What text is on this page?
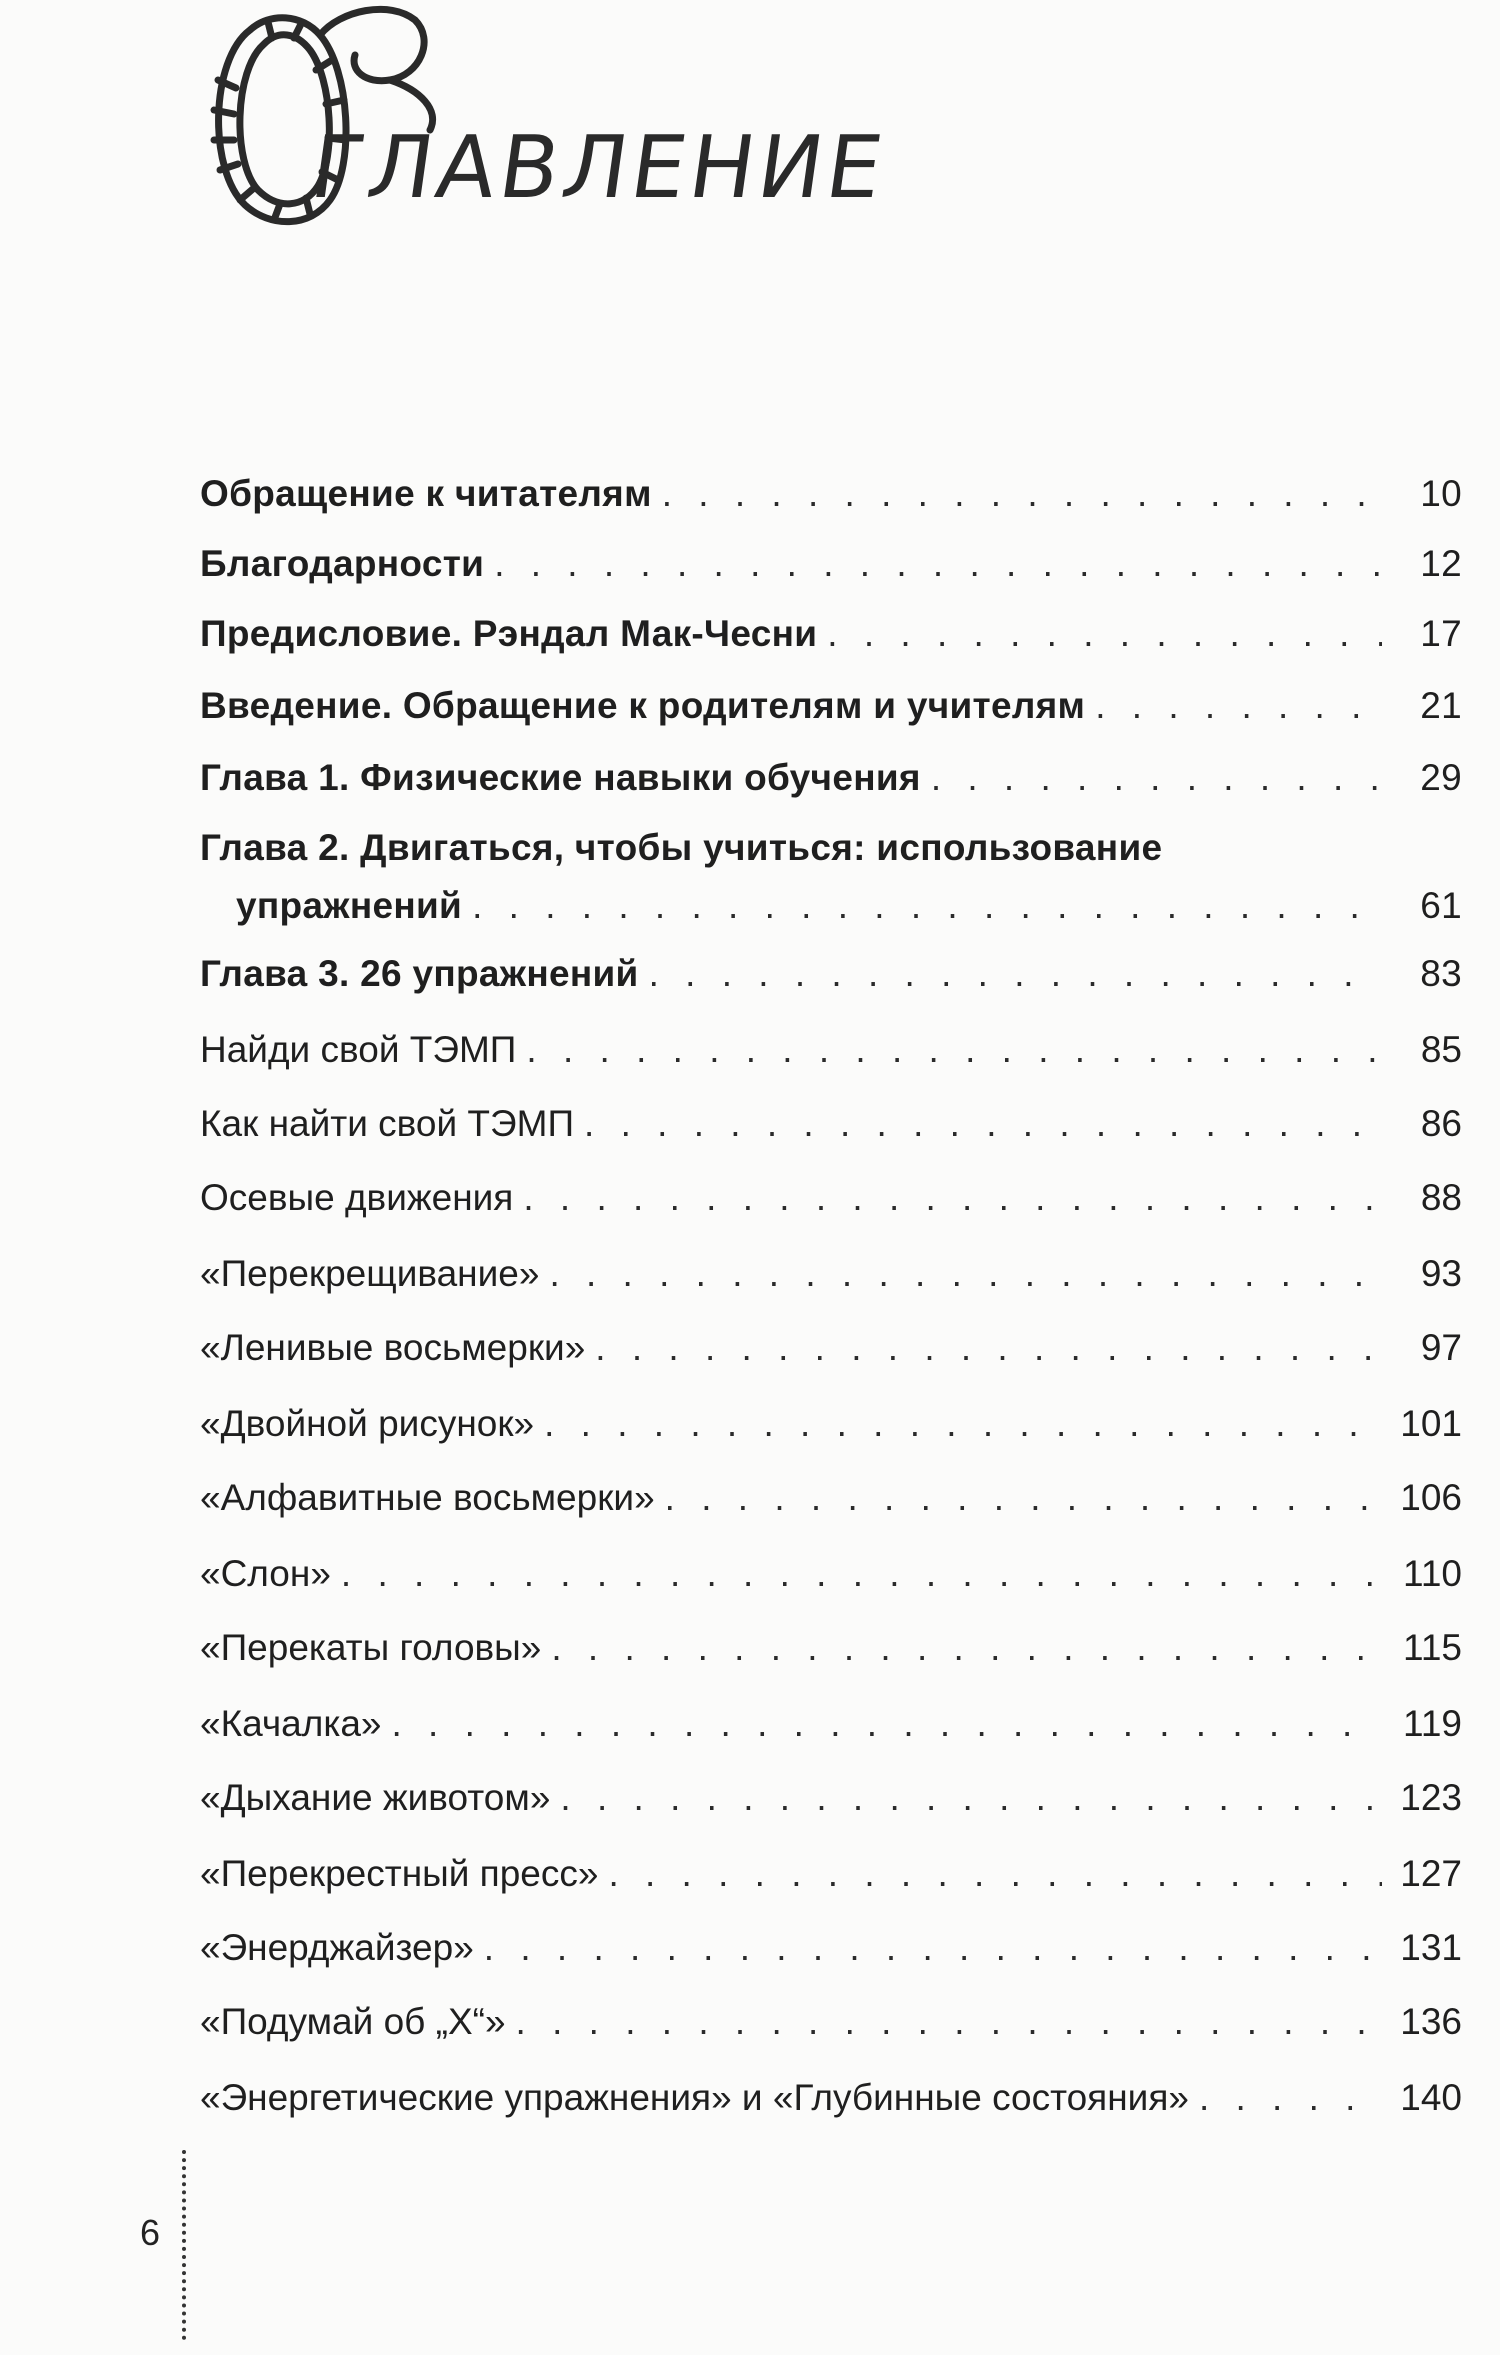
ГЛАВЛЕНИЕ
Обращение к читателям . . .	10
Благодарности . . .	12
Предисловие. Рэндал Мак-Чесни . . .	17
Введение. Обращение к родителям и учителям . . .	21
Глава 1. Физические навыки обучения . . .	29
Глава 2. Двигаться, чтобы учиться: использование
упражнений . . .	61
Глава 3. 26 упражнений . . .	83
Найди свой ТЭМП . . .	85
Как найти свой ТЭМП . . .	86
Осевые движения . . .	88
«Перекрещивание» . . .	93
«Ленивые восьмерки» . . .	97
«Двойной рисунок» . . .	101
«Алфавитные восьмерки» . . .	106
«Слон» . . .	110
«Перекаты головы» . . .	115
«Качалка» . . .	119
«Дыхание животом» . . .	123
«Перекрестный пресс» . . .	127
«Энерджайзер» . . .	131
«Подумай об „Х“» . . .	136
«Энергетические упражнения» и «Глубинные состояния» . . .	140
6
